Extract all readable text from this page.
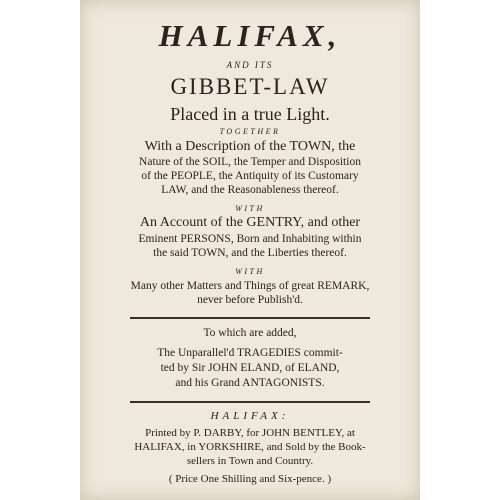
HALIFAX,
AND ITS
GIBBET-LAW
Placed in a true Light.
TOGETHER
With a Description of the TOWN, the
Nature of the SOIL, the Temper and Disposition
of the PEOPLE, the Antiquity of its Customary
LAW, and the Reasonableness thereof.
WITH
An Account of the GENTRY, and other
Eminent PERSONS, Born and Inhabiting within
the said TOWN, and the Liberties thereof.
WITH
Many other Matters and Things of great REMARK,
never before Publish'd.
To which are added,
The Unparallel'd TRAGEDIES commit-
ted by Sir JOHN ELAND, of ELAND,
and his Grand ANTAGONISTS.
HALIFAX:
Printed by P. DARBY, for JOHN BENTLEY, at
HALIFAX, in YORKSHIRE, and Sold by the Book-
sellers in Town and Country.
( Price One Shilling and Six-pence. )
